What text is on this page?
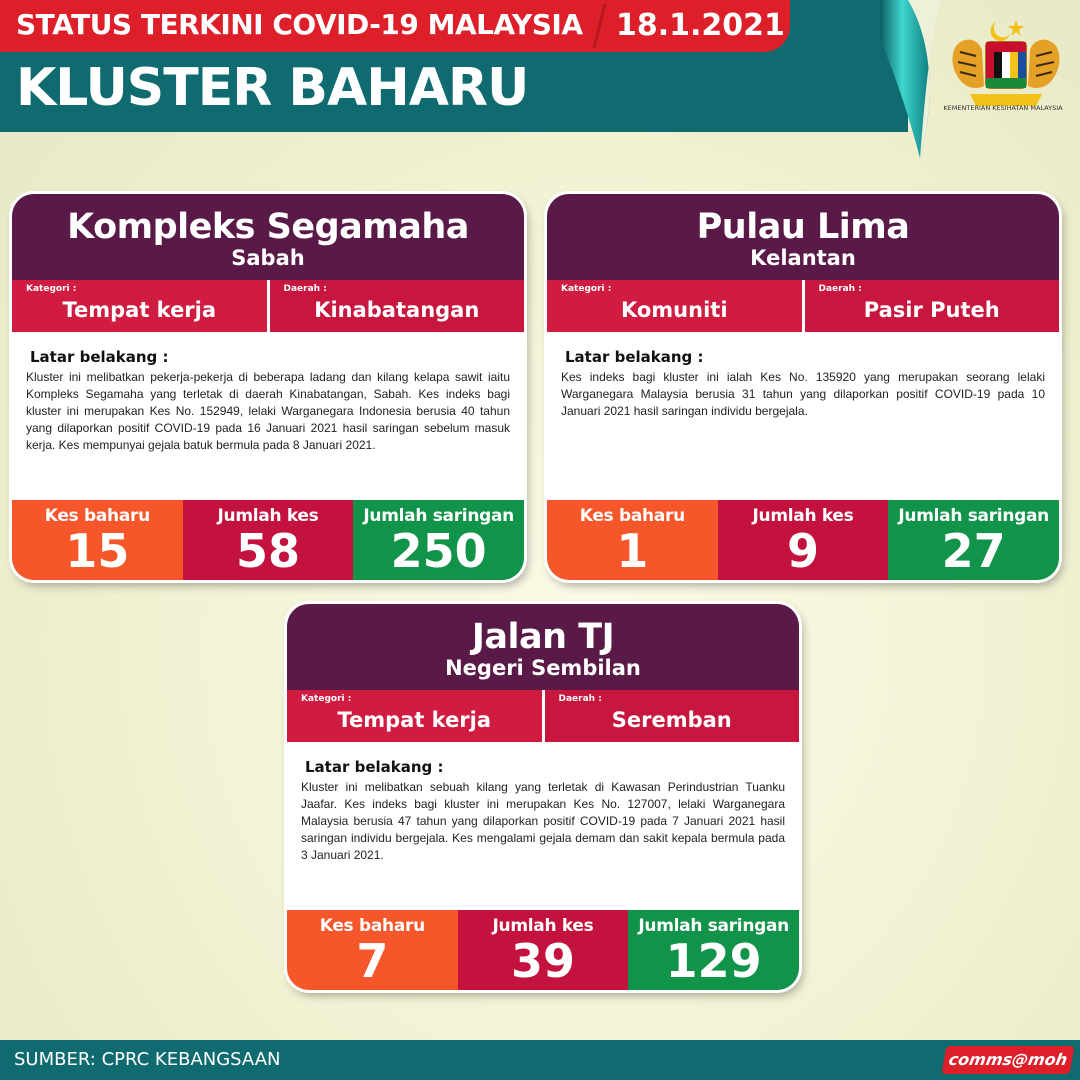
STATUS TERKINI COVID-19 MALAYSIA 18.1.2021
KLUSTER BAHARU	KEMENTERIAN KESIHATAN MALAYSIA
Kompleks Segamaha
Sabah
Kategori :
Tempat kerja
Daerah :
Kinabatangan
Latar belakang :
Kluster ini melibatkan pekerja-pekerja di beberapa ladang dan kilang kelapa sawit iaitu Kompleks Segamaha yang terletak di daerah Kinabatangan, Sabah. Kes indeks bagi kluster ini merupakan Kes No. 152949, lelaki Warganegara Indonesia berusia 40 tahun yang dilaporkan positif COVID-19 pada 16 Januari 2021 hasil saringan sebelum masuk kerja. Kes mempunyai gejala batuk bermula pada 8 Januari 2021.
Kes baharu
15
Jumlah kes
58
Jumlah saringan
250
Pulau Lima
Kelantan
Kategori :
Komuniti
Daerah :
Pasir Puteh
Latar belakang :
Kes indeks bagi kluster ini ialah Kes No. 135920 yang merupakan seorang lelaki Warganegara Malaysia berusia 31 tahun yang dilaporkan positif COVID-19 pada 10 Januari 2021 hasil saringan individu bergejala.
Kes baharu
1
Jumlah kes
9
Jumlah saringan
27
Jalan TJ
Negeri Sembilan
Kategori :
Tempat kerja
Daerah :
Seremban
Latar belakang :
Kluster ini melibatkan sebuah kilang yang terletak di Kawasan Perindustrian Tuanku Jaafar. Kes indeks bagi kluster ini merupakan Kes No. 127007, lelaki Warganegara Malaysia berusia 47 tahun yang dilaporkan positif COVID-19 pada 7 Januari 2021 hasil saringan individu bergejala. Kes mengalami gejala demam dan sakit kepala bermula pada 3 Januari 2021.
Kes baharu
7
Jumlah kes
39
Jumlah saringan
129
SUMBER: CPRC KEBANGSAAN	comms@moh
